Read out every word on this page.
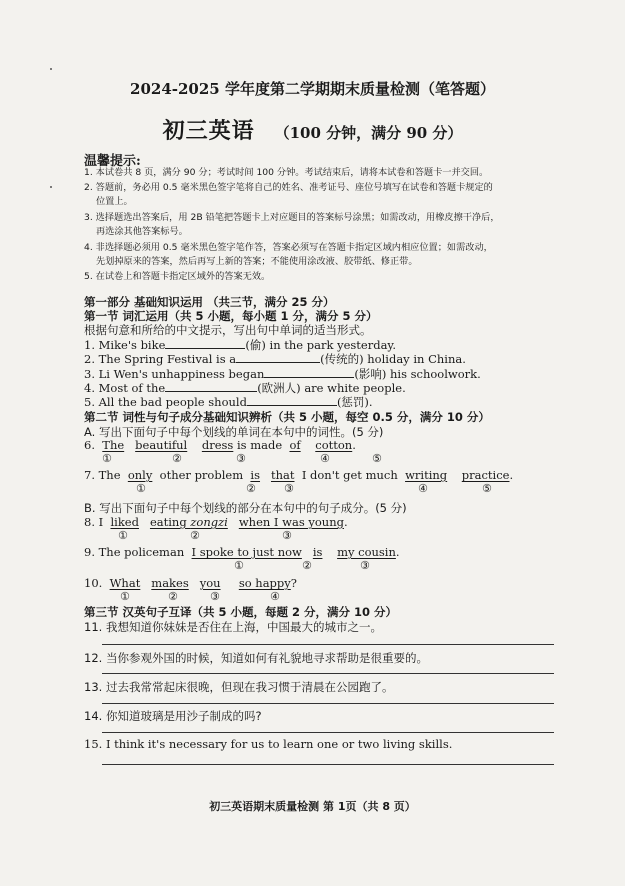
2024-2025 学年度第二学期期末质量检测（笔答题）
初三英语 （100 分钟，满分 90 分）
温馨提示:
1. 本试卷共 8 页，满分 90 分；考试时间 100 分钟。考试结束后，请将本试卷和答题卡一并交回。
2. 答题前，务必用 0.5 毫米黑色签字笔将自己的姓名、准考证号、座位号填写在试卷和答题卡规定的
位置上。
3. 选择题选出答案后，用 2B 铅笔把答题卡上对应题目的答案标号涂黑；如需改动，用橡皮擦干净后，
再选涂其他答案标号。
4. 非选择题必须用 0.5 毫米黑色签字笔作答，答案必须写在答题卡指定区域内相应位置；如需改动，
先划掉原来的答案，然后再写上新的答案；不能使用涂改液、胶带纸、修正带。
5. 在试卷上和答题卡指定区域外的答案无效。
第一部分 基础知识运用 （共三节，满分 25 分）
第一节 词汇运用（共 5 小题，每小题 1 分，满分 5 分）
根据句意和所给的中文提示，写出句中单词的适当形式。
1. Mike's bike	(偷) in the park yesterday.
2. The Spring Festival is a	(传统的) holiday in China.
3. Li Wen's unhappiness began	(影响) his schoolwork.
4. Most of the	(欧洲人) are white people.
5. All the bad people should	(惩罚).
第二节 词性与句子成分基础知识辨析（共 5 小题，每空 0.5 分，满分 10 分）
A. 写出下面句子中每个划线的单词在本句中的词性。(5 分)
6. The beautiful dress is made of cotton.
①	②	③	④	⑤
7. The only other problem is that I don't get much writing practice.
①	②	③	④	⑤
B. 写出下面句子中每个划线的部分在本句中的句子成分。(5 分)
8. I liked eating zongzi when I was young.
①	②	③
9. The policeman I spoke to just now is my cousin.
①	②	③
10. What makes you so happy?
①	②	③	④
第三节 汉英句子互译（共 5 小题，每题 2 分，满分 10 分）
11. 我想知道你妹妹是否住在上海，中国最大的城市之一。
12. 当你参观外国的时候，知道如何有礼貌地寻求帮助是很重要的。
13. 过去我常常起床很晚，但现在我习惯于清晨在公园跑了。
14. 你知道玻璃是用沙子制成的吗?
15. I think it's necessary for us to learn one or two living skills.
初三英语期末质量检测 第 1页（共 8 页）
